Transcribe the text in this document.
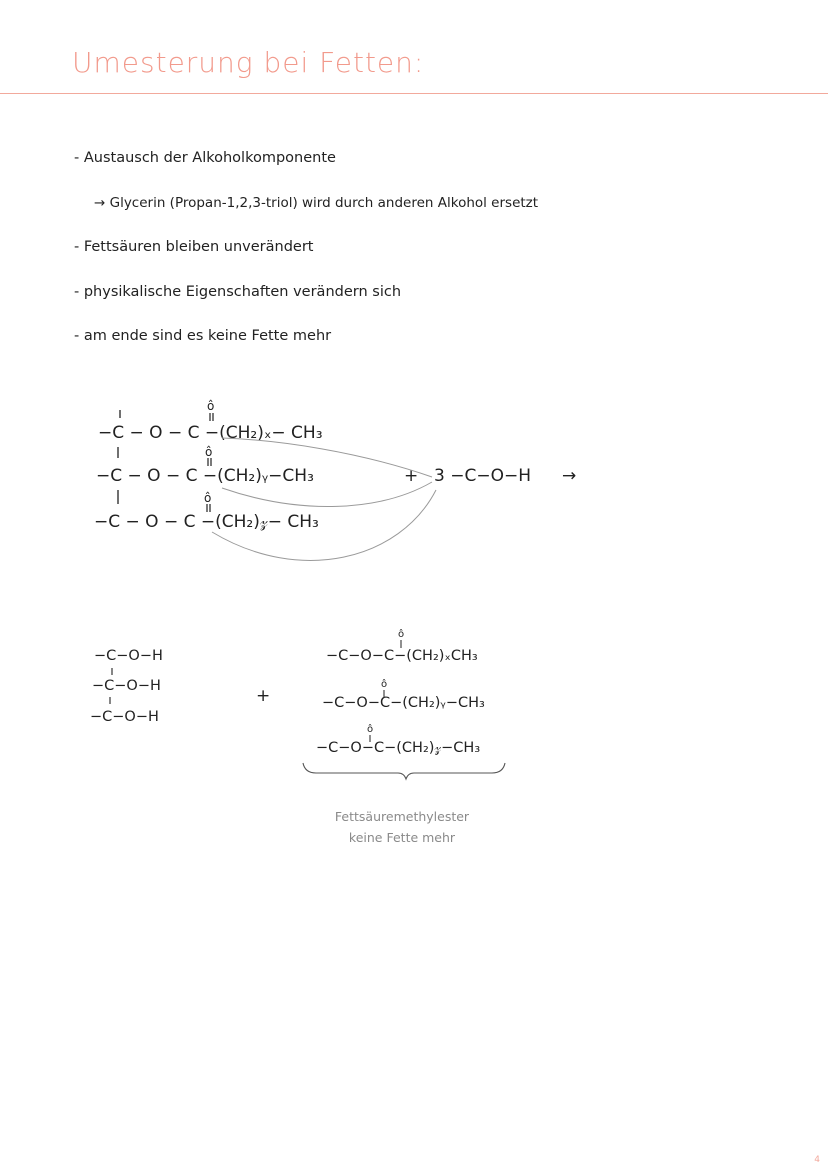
Umesterung bei Fetten:
- Austausch der Alkoholkomponente
→ Glycerin (Propan-1,2,3-triol) wird durch anderen Alkohol ersetzt
- Fettsäuren bleiben unverändert
- physikalische Eigenschaften verändern sich
- am ende sind es keine Fette mehr
−C − O − C −(CH₂)ₓ− CH₃
−C − O − C −(CH₂)ᵧ−CH₃
−C − O − C −(CH₂)𝓏− CH₃
+ 3 −C−O−H →
ô
ô
ô
ô
ô
ô
−C−O−H
−C−O−H
−C−O−H
+
−C−O−C−(CH₂)ₓCH₃
−C−O−C−(CH₂)ᵧ−CH₃
−C−O−C−(CH₂)𝓏−CH₃
Fettsäuremethylester
keine Fette mehr
4
